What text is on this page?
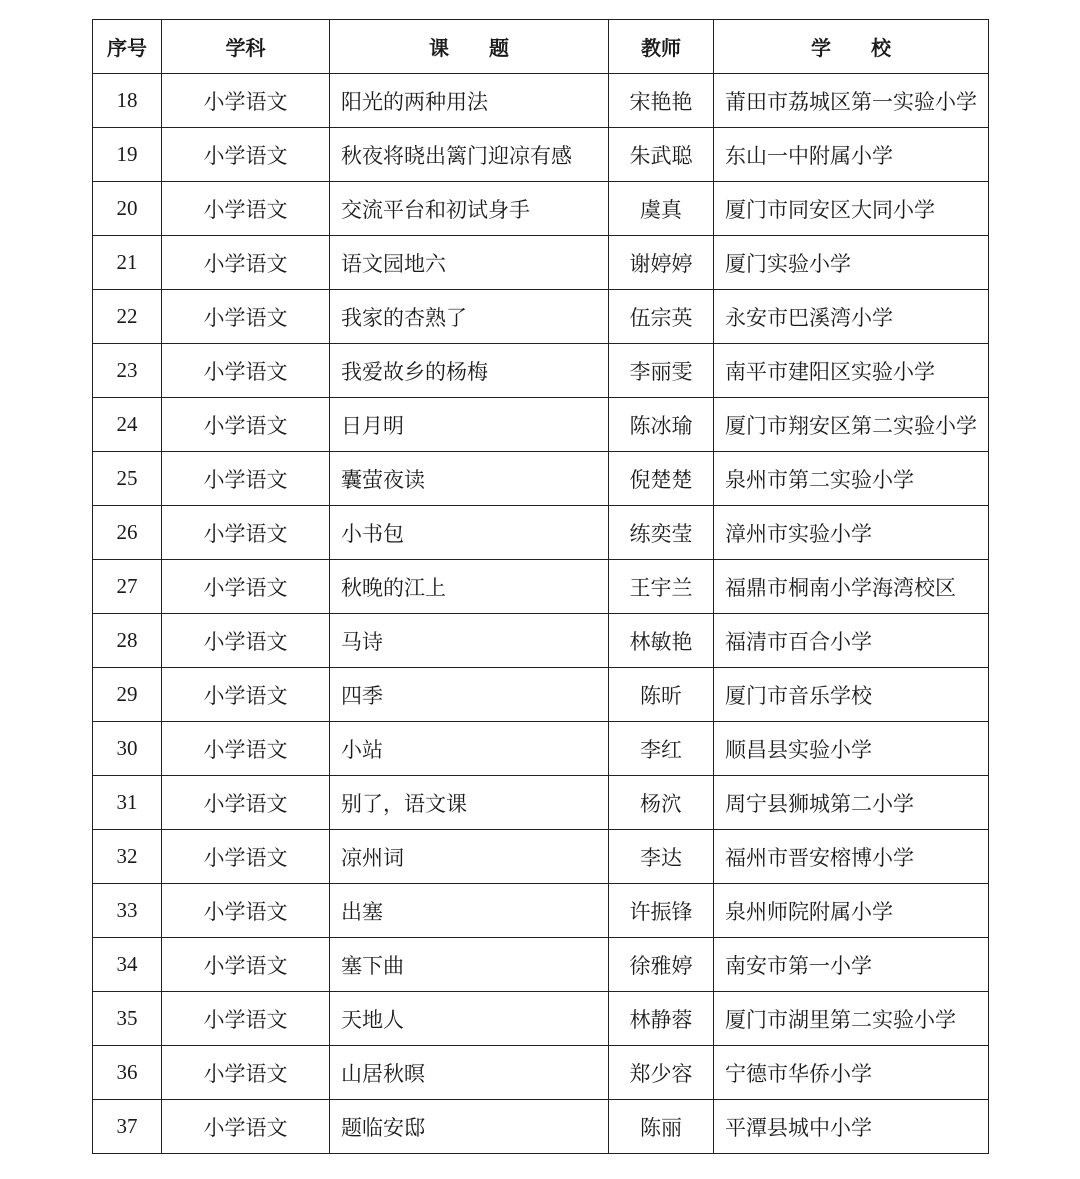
序号	学科	课　　题	教师	学　　校
18	小学语文	阳光的两种用法	宋艳艳	莆田市荔城区第一实验小学
19	小学语文	秋夜将晓出篱门迎凉有感	朱武聪	东山一中附属小学
20	小学语文	交流平台和初试身手	虞真	厦门市同安区大同小学
21	小学语文	语文园地六	谢婷婷	厦门实验小学
22	小学语文	我家的杏熟了	伍宗英	永安市巴溪湾小学
23	小学语文	我爱故乡的杨梅	李丽雯	南平市建阳区实验小学
24	小学语文	日月明	陈冰瑜	厦门市翔安区第二实验小学
25	小学语文	囊萤夜读	倪楚楚	泉州市第二实验小学
26	小学语文	小书包	练奕莹	漳州市实验小学
27	小学语文	秋晚的江上	王宇兰	福鼎市桐南小学海湾校区
28	小学语文	马诗	林敏艳	福清市百合小学
29	小学语文	四季	陈昕	厦门市音乐学校
30	小学语文	小站	李红	顺昌县实验小学
31	小学语文	别了，语文课	杨泬	周宁县狮城第二小学
32	小学语文	凉州词	李达	福州市晋安榕博小学
33	小学语文	出塞	许振锋	泉州师院附属小学
34	小学语文	塞下曲	徐雅婷	南安市第一小学
35	小学语文	天地人	林静蓉	厦门市湖里第二实验小学
36	小学语文	山居秋暝	郑少容	宁德市华侨小学
37	小学语文	题临安邸	陈丽	平潭县城中小学
